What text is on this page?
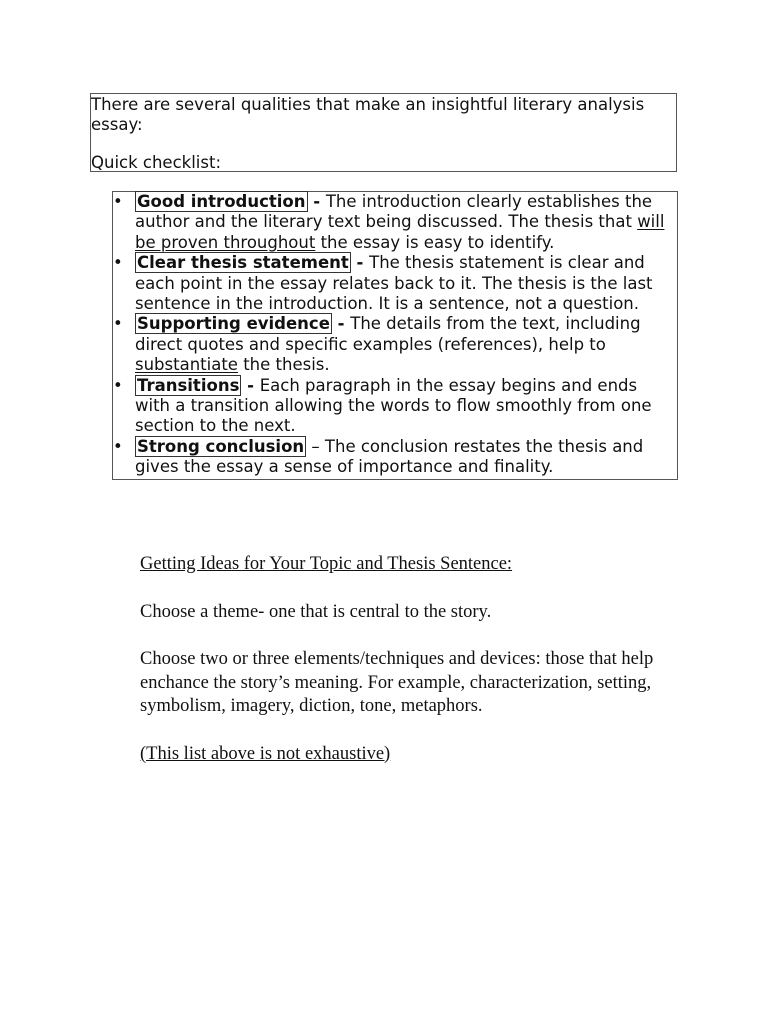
There are several qualities that make an insightful literary analysis essay:

Quick checklist:

• Good introduction - The introduction clearly establishes the author and the literary text being discussed. The thesis that will be proven throughout the essay is easy to identify.
• Clear thesis statement - The thesis statement is clear and each point in the essay relates back to it. The thesis is the last sentence in the introduction. It is a sentence, not a question.
• Supporting evidence - The details from the text, including direct quotes and specific examples (references), help to substantiate the thesis.
• Transitions - Each paragraph in the essay begins and ends with a transition allowing the words to flow smoothly from one section to the next.
• Strong conclusion – The conclusion restates the thesis and gives the essay a sense of importance and finality.

Getting Ideas for Your Topic and Thesis Sentence:

Choose a theme- one that is central to the story.

Choose two or three elements/techniques and devices: those that help enchance the story’s meaning. For example, characterization, setting, symbolism, imagery, diction, tone, metaphors.

(This list above is not exhaustive)
